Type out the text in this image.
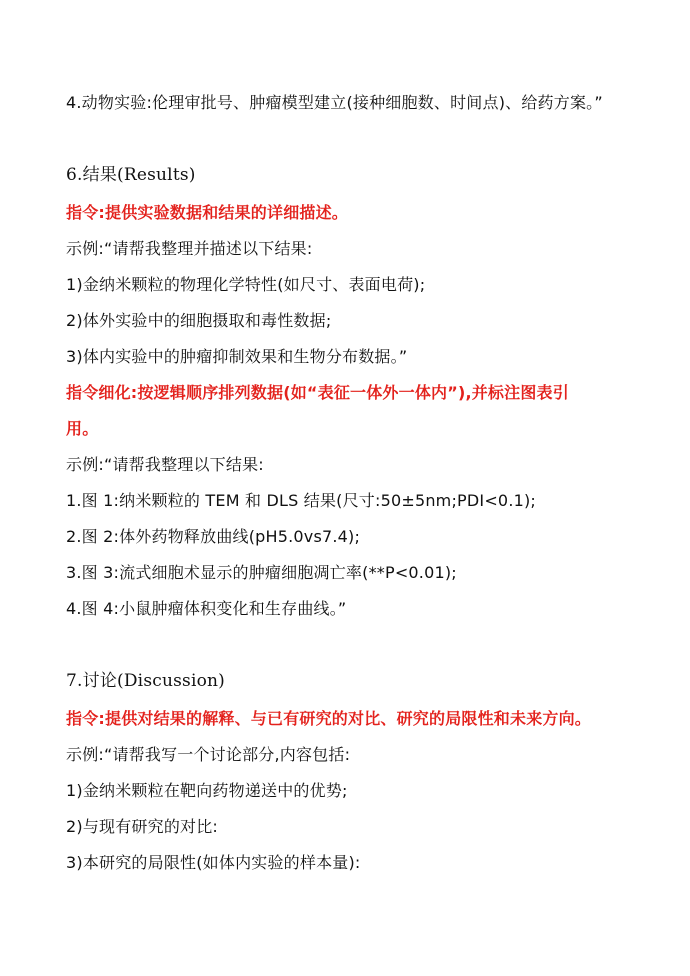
4.动物实验:伦理审批号、肿瘤模型建立(接种细胞数、时间点)、给药方案。”
6.结果(Results)
指令:提供实验数据和结果的详细描述。
示例:“请帮我整理并描述以下结果:
1)金纳米颗粒的物理化学特性(如尺寸、表面电荷);
2)体外实验中的细胞摄取和毒性数据;
3)体内实验中的肿瘤抑制效果和生物分布数据。”
指令细化:按逻辑顺序排列数据(如“表征一体外一体内”),并标注图表引
用。
示例:“请帮我整理以下结果:
1.图 1:纳米颗粒的 TEM 和 DLS 结果(尺寸:50±5nm;PDI<0.1);
2.图 2:体外药物释放曲线(pH5.0vs7.4);
3.图 3:流式细胞术显示的肿瘤细胞凋亡率(**P<0.01);
4.图 4:小鼠肿瘤体积变化和生存曲线。”
7.讨论(Discussion)
指令:提供对结果的解释、与已有研究的对比、研究的局限性和未来方向。
示例:“请帮我写一个讨论部分,内容包括:
1)金纳米颗粒在靶向药物递送中的优势;
2)与现有研究的对比:
3)本研究的局限性(如体内实验的样本量):
